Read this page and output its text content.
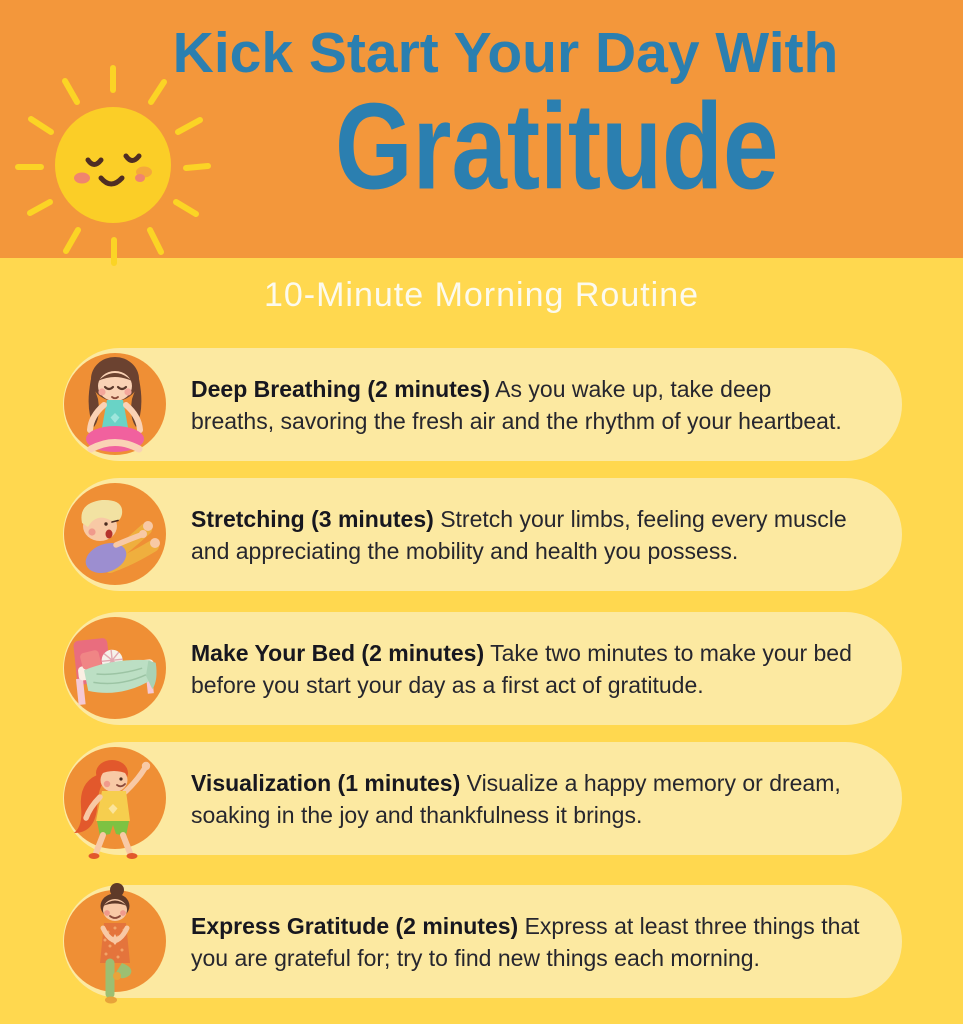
Kick Start Your Day With
Gratitude
10-Minute Morning Routine

Deep Breathing (2 minutes) As you wake up, take deep breaths, savoring the fresh air and the rhythm of your heartbeat.

Stretching (3 minutes) Stretch your limbs, feeling every muscle and appreciating the mobility and health you possess.

Make Your Bed (2 minutes) Take two minutes to make your bed before you start your day as a first act of gratitude.

Visualization (1 minutes) Visualize a happy memory or dream, soaking in the joy and thankfulness it brings.

Express Gratitude (2 minutes) Express at least three things that you are grateful for; try to find new things each morning.
